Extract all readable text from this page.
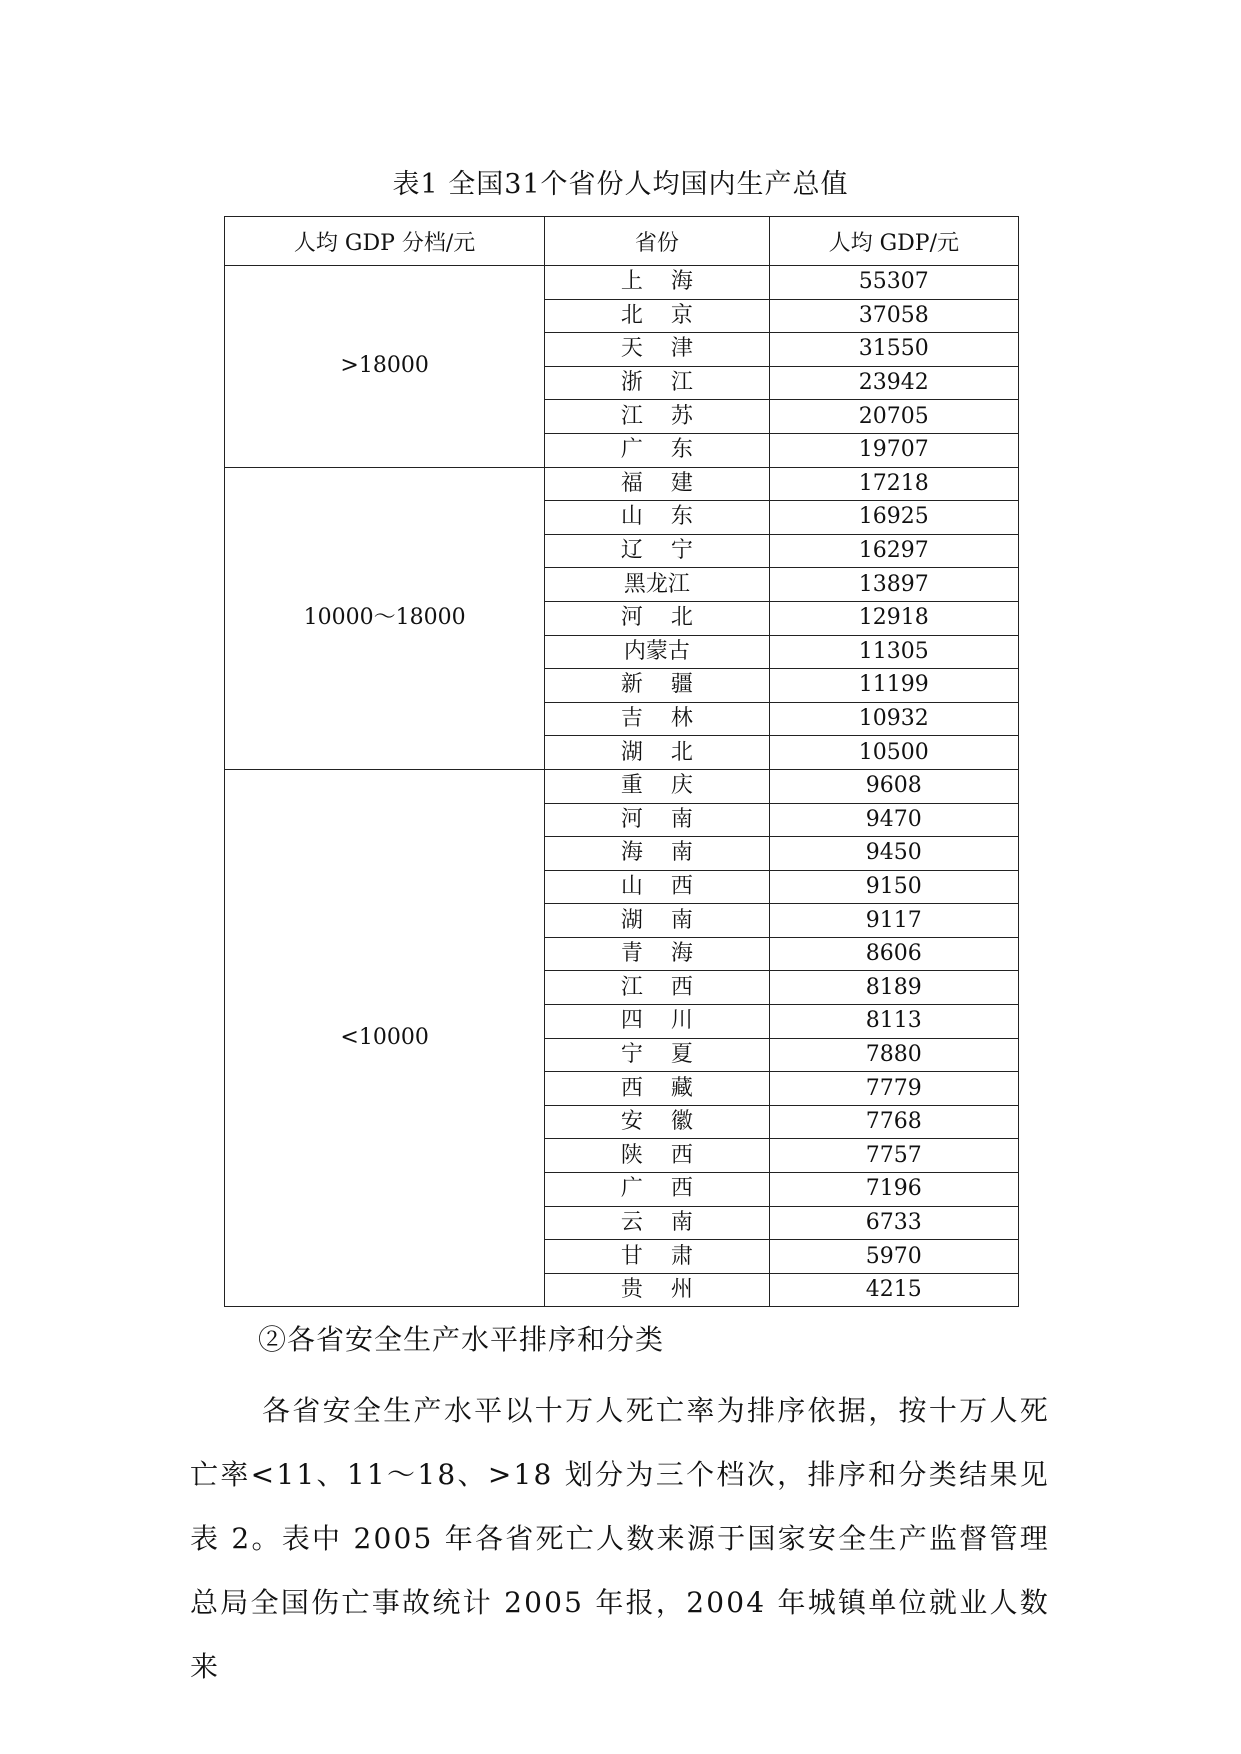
表1 全国31个省份人均国内生产总值
人均 GDP 分档/元	省份	人均 GDP/元
>18000	上 海	55307
	北 京	37058
	天 津	31550
	浙 江	23942
	江 苏	20705
	广 东	19707
10000～18000	福 建	17218
	山 东	16925
	辽 宁	16297
	黑龙江	13897
	河 北	12918
	内蒙古	11305
	新 疆	11199
	吉 林	10932
	湖 北	10500
<10000	重 庆	9608
	河 南	9470
	海 南	9450
	山 西	9150
	湖 南	9117
	青 海	8606
	江 西	8189
	四 川	8113
	宁 夏	7880
	西 藏	7779
	安 徽	7768
	陕 西	7757
	广 西	7196
	云 南	6733
	甘 肃	5970
	贵 州	4215
②各省安全生产水平排序和分类
各省安全生产水平以十万人死亡率为排序依据，按十万人死亡率<11、11～18、>18 划分为三个档次，排序和分类结果见表 2。表中 2005 年各省死亡人数来源于国家安全生产监督管理总局全国伤亡事故统计 2005 年报，2004 年城镇单位就业人数来
